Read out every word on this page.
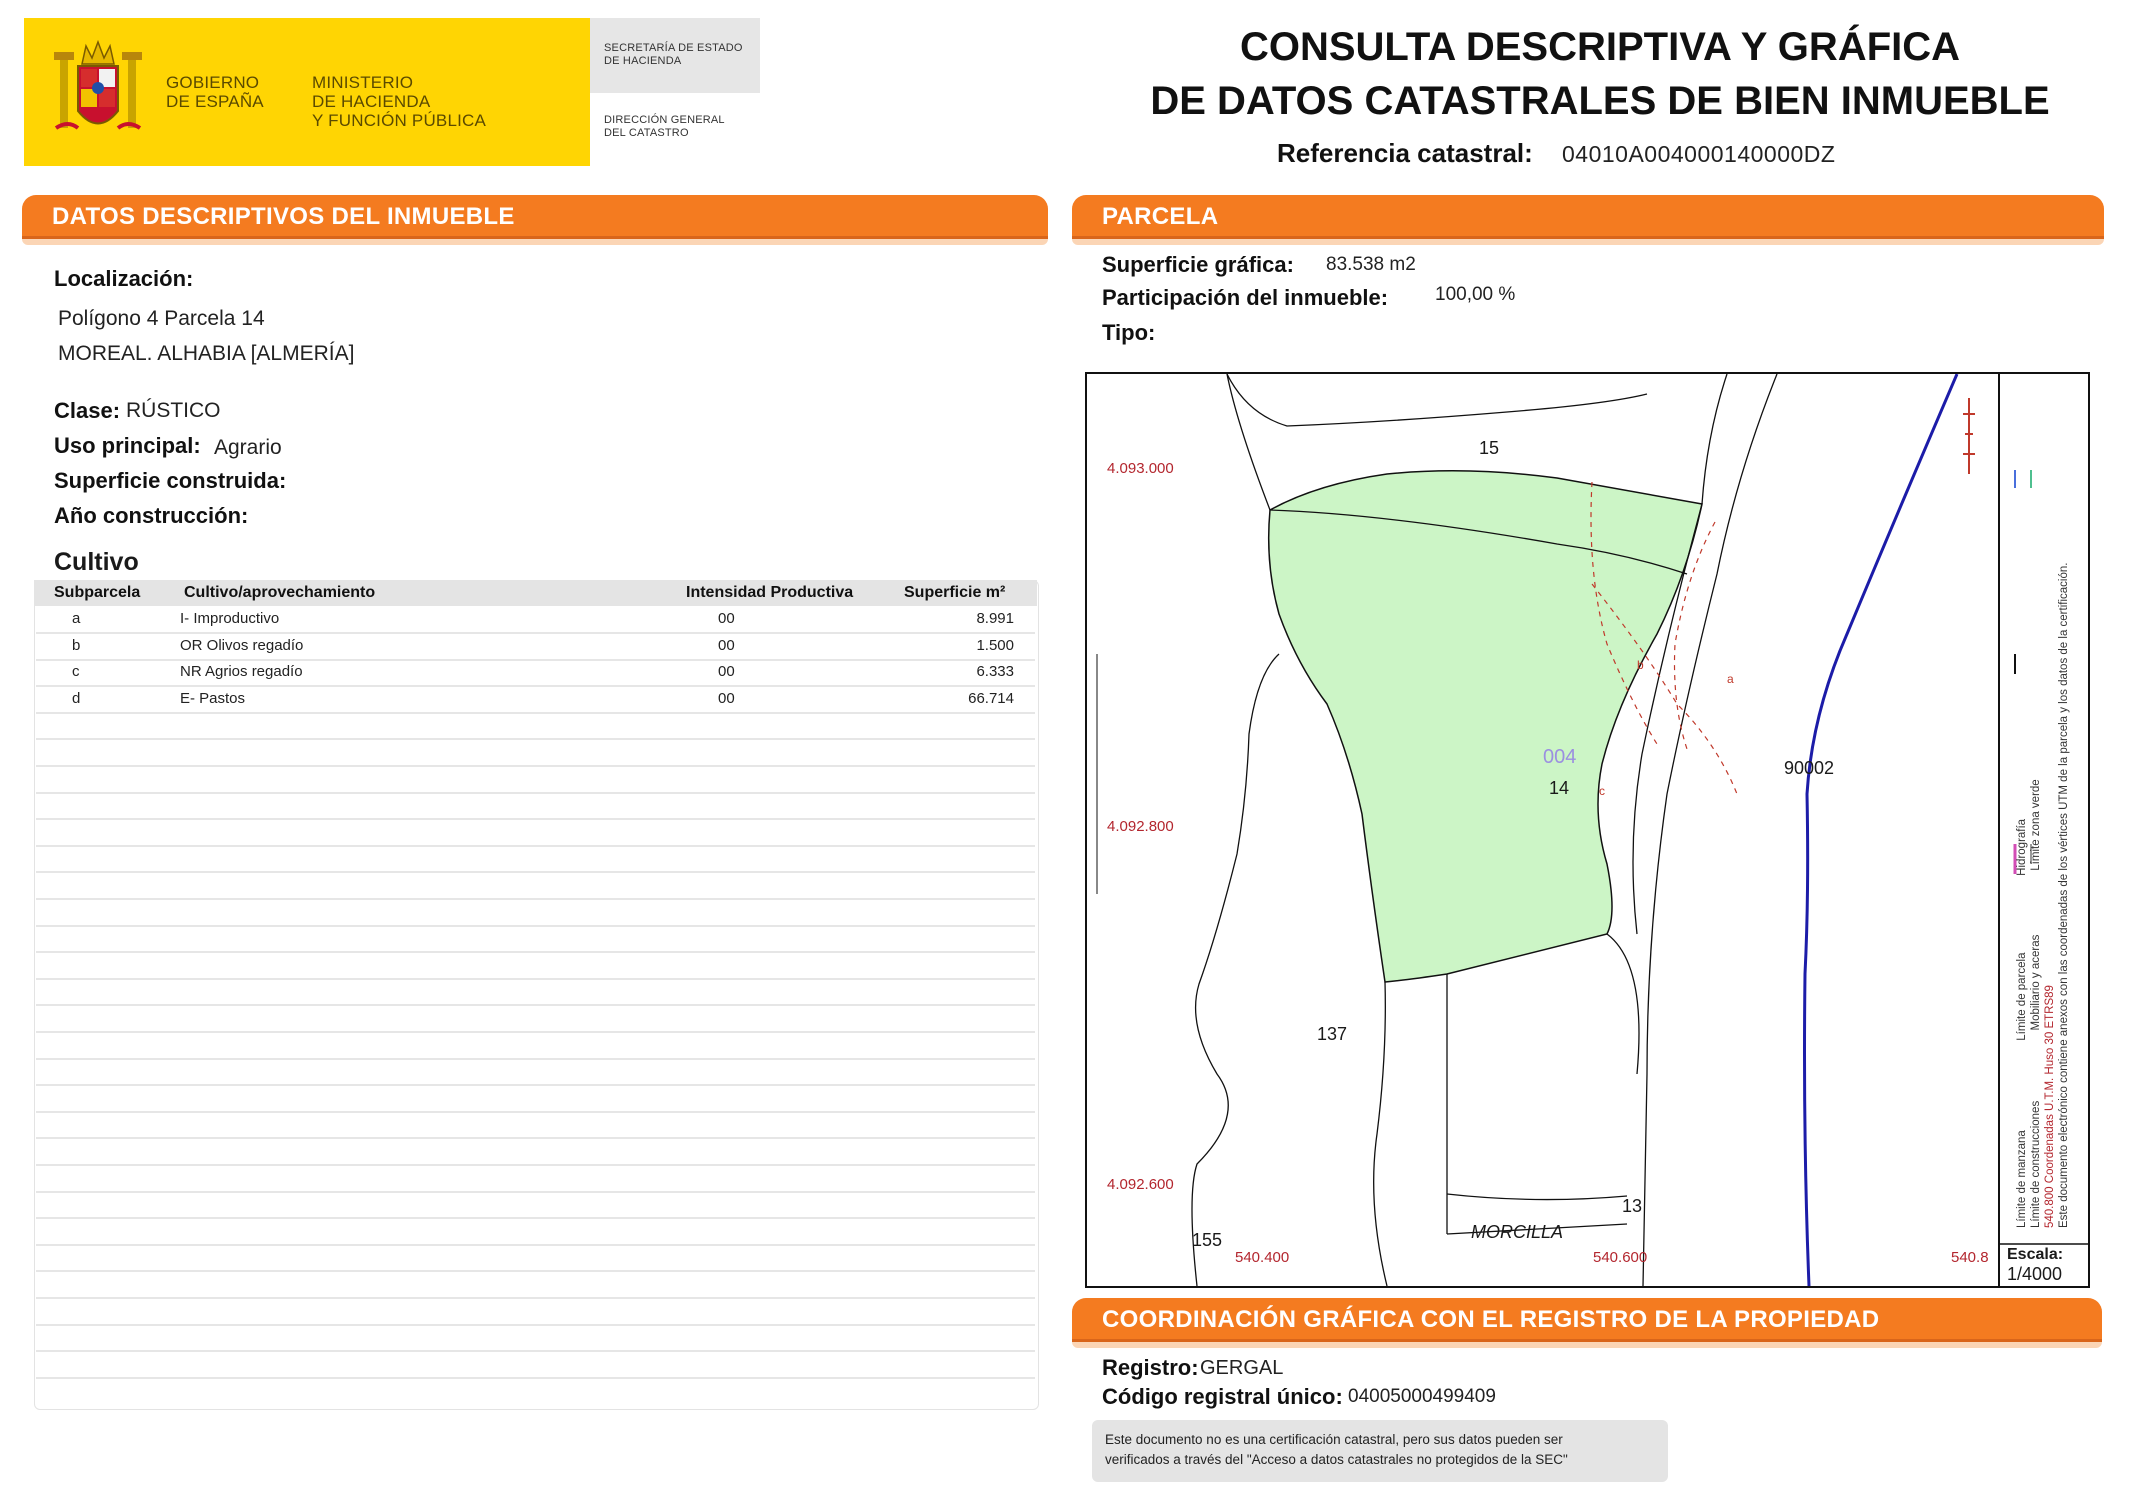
GOBIERNO
DE ESPAÑA
MINISTERIO
DE HACIENDA
Y FUNCIÓN PÚBLICA
SECRETARÍA DE ESTADO
DE HACIENDA
DIRECCIÓN GENERAL
DEL CATASTRO
CONSULTA DESCRIPTIVA Y GRÁFICA
DE DATOS CATASTRALES DE BIEN INMUEBLE
Referencia catastral: 04010A004000140000DZ
DATOS DESCRIPTIVOS DEL INMUEBLE
Localización:
Polígono 4 Parcela 14
MOREAL. ALHABIA [ALMERÍA]
Clase: RÚSTICO
Uso principal: Agrario
Superficie construida:
Año construcción:
Cultivo
Subparcela	Cultivo/aprovechamiento	Intensidad Productiva	Superficie m²
a	I- Improductivo	00	8.991
b	OR Olivos regadío	00	1.500
c	NR Agrios regadío	00	6.333
d	E- Pastos	00	66.714
PARCELA
Superficie gráfica: 83.538 m2
Participación del inmueble: 100,00 %
Tipo:
4.093.000
4.092.800
4.092.600
540.400	540.600	540.8
15
004
14
90002
137
13
155	MORCILLA
a
b
c
Escala:
1/4000
Límite de manzana                            Límite de parcela                        Hidrografía
Límite de construcciones                      Mobiliario y aceras                    Límite zona verde
540.800 Coordenadas U.T.M. Huso 30 ETRS89 Este documento electrónico contiene anexos con las coordenadas de los vértices UTM de la parcela y los datos de la certificación.
COORDINACIÓN GRÁFICA CON EL REGISTRO DE LA PROPIEDAD
Registro: GERGAL
Código registral único: 04005000499409
Este documento no es una certificación catastral, pero sus datos pueden ser
verificados a través del "Acceso a datos catastrales no protegidos de la SEC"
